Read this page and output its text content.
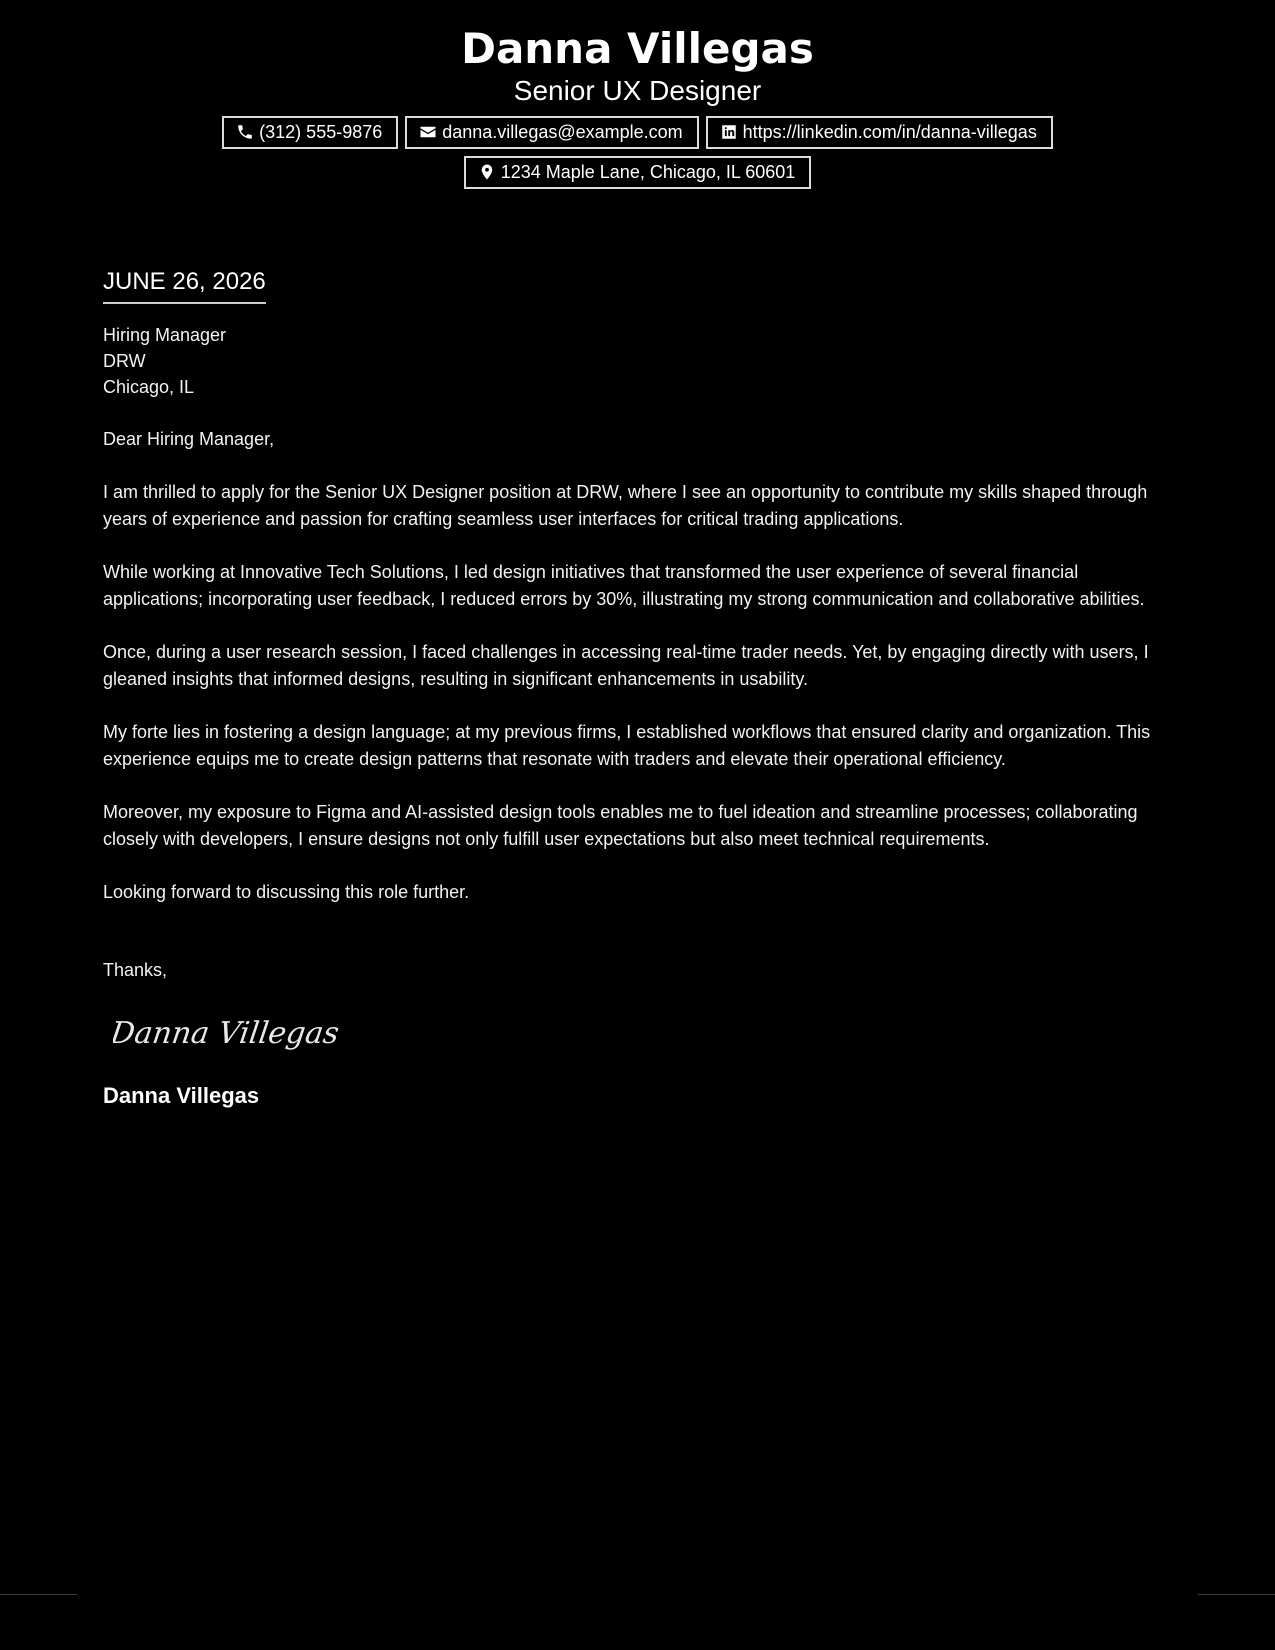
Danna Villegas
Senior UX Designer
(312) 555-9876	danna.villegas@example.com	https://linkedin.com/in/danna-villegas
1234 Maple Lane, Chicago, IL 60601
JUNE 26, 2026
Hiring Manager
DRW
Chicago, IL
Dear Hiring Manager,
I am thrilled to apply for the Senior UX Designer position at DRW, where I see an opportunity to contribute my skills shaped through years of experience and passion for crafting seamless user interfaces for critical trading applications.
While working at Innovative Tech Solutions, I led design initiatives that transformed the user experience of several financial applications; incorporating user feedback, I reduced errors by 30%, illustrating my strong communication and collaborative abilities.
Once, during a user research session, I faced challenges in accessing real-time trader needs. Yet, by engaging directly with users, I gleaned insights that informed designs, resulting in significant enhancements in usability.
My forte lies in fostering a design language; at my previous firms, I established workflows that ensured clarity and organization. This experience equips me to create design patterns that resonate with traders and elevate their operational efficiency.
Moreover, my exposure to Figma and AI-assisted design tools enables me to fuel ideation and streamline processes; collaborating closely with developers, I ensure designs not only fulfill user expectations but also meet technical requirements.
Looking forward to discussing this role further.
Thanks,
Danna Villegas
Danna Villegas
